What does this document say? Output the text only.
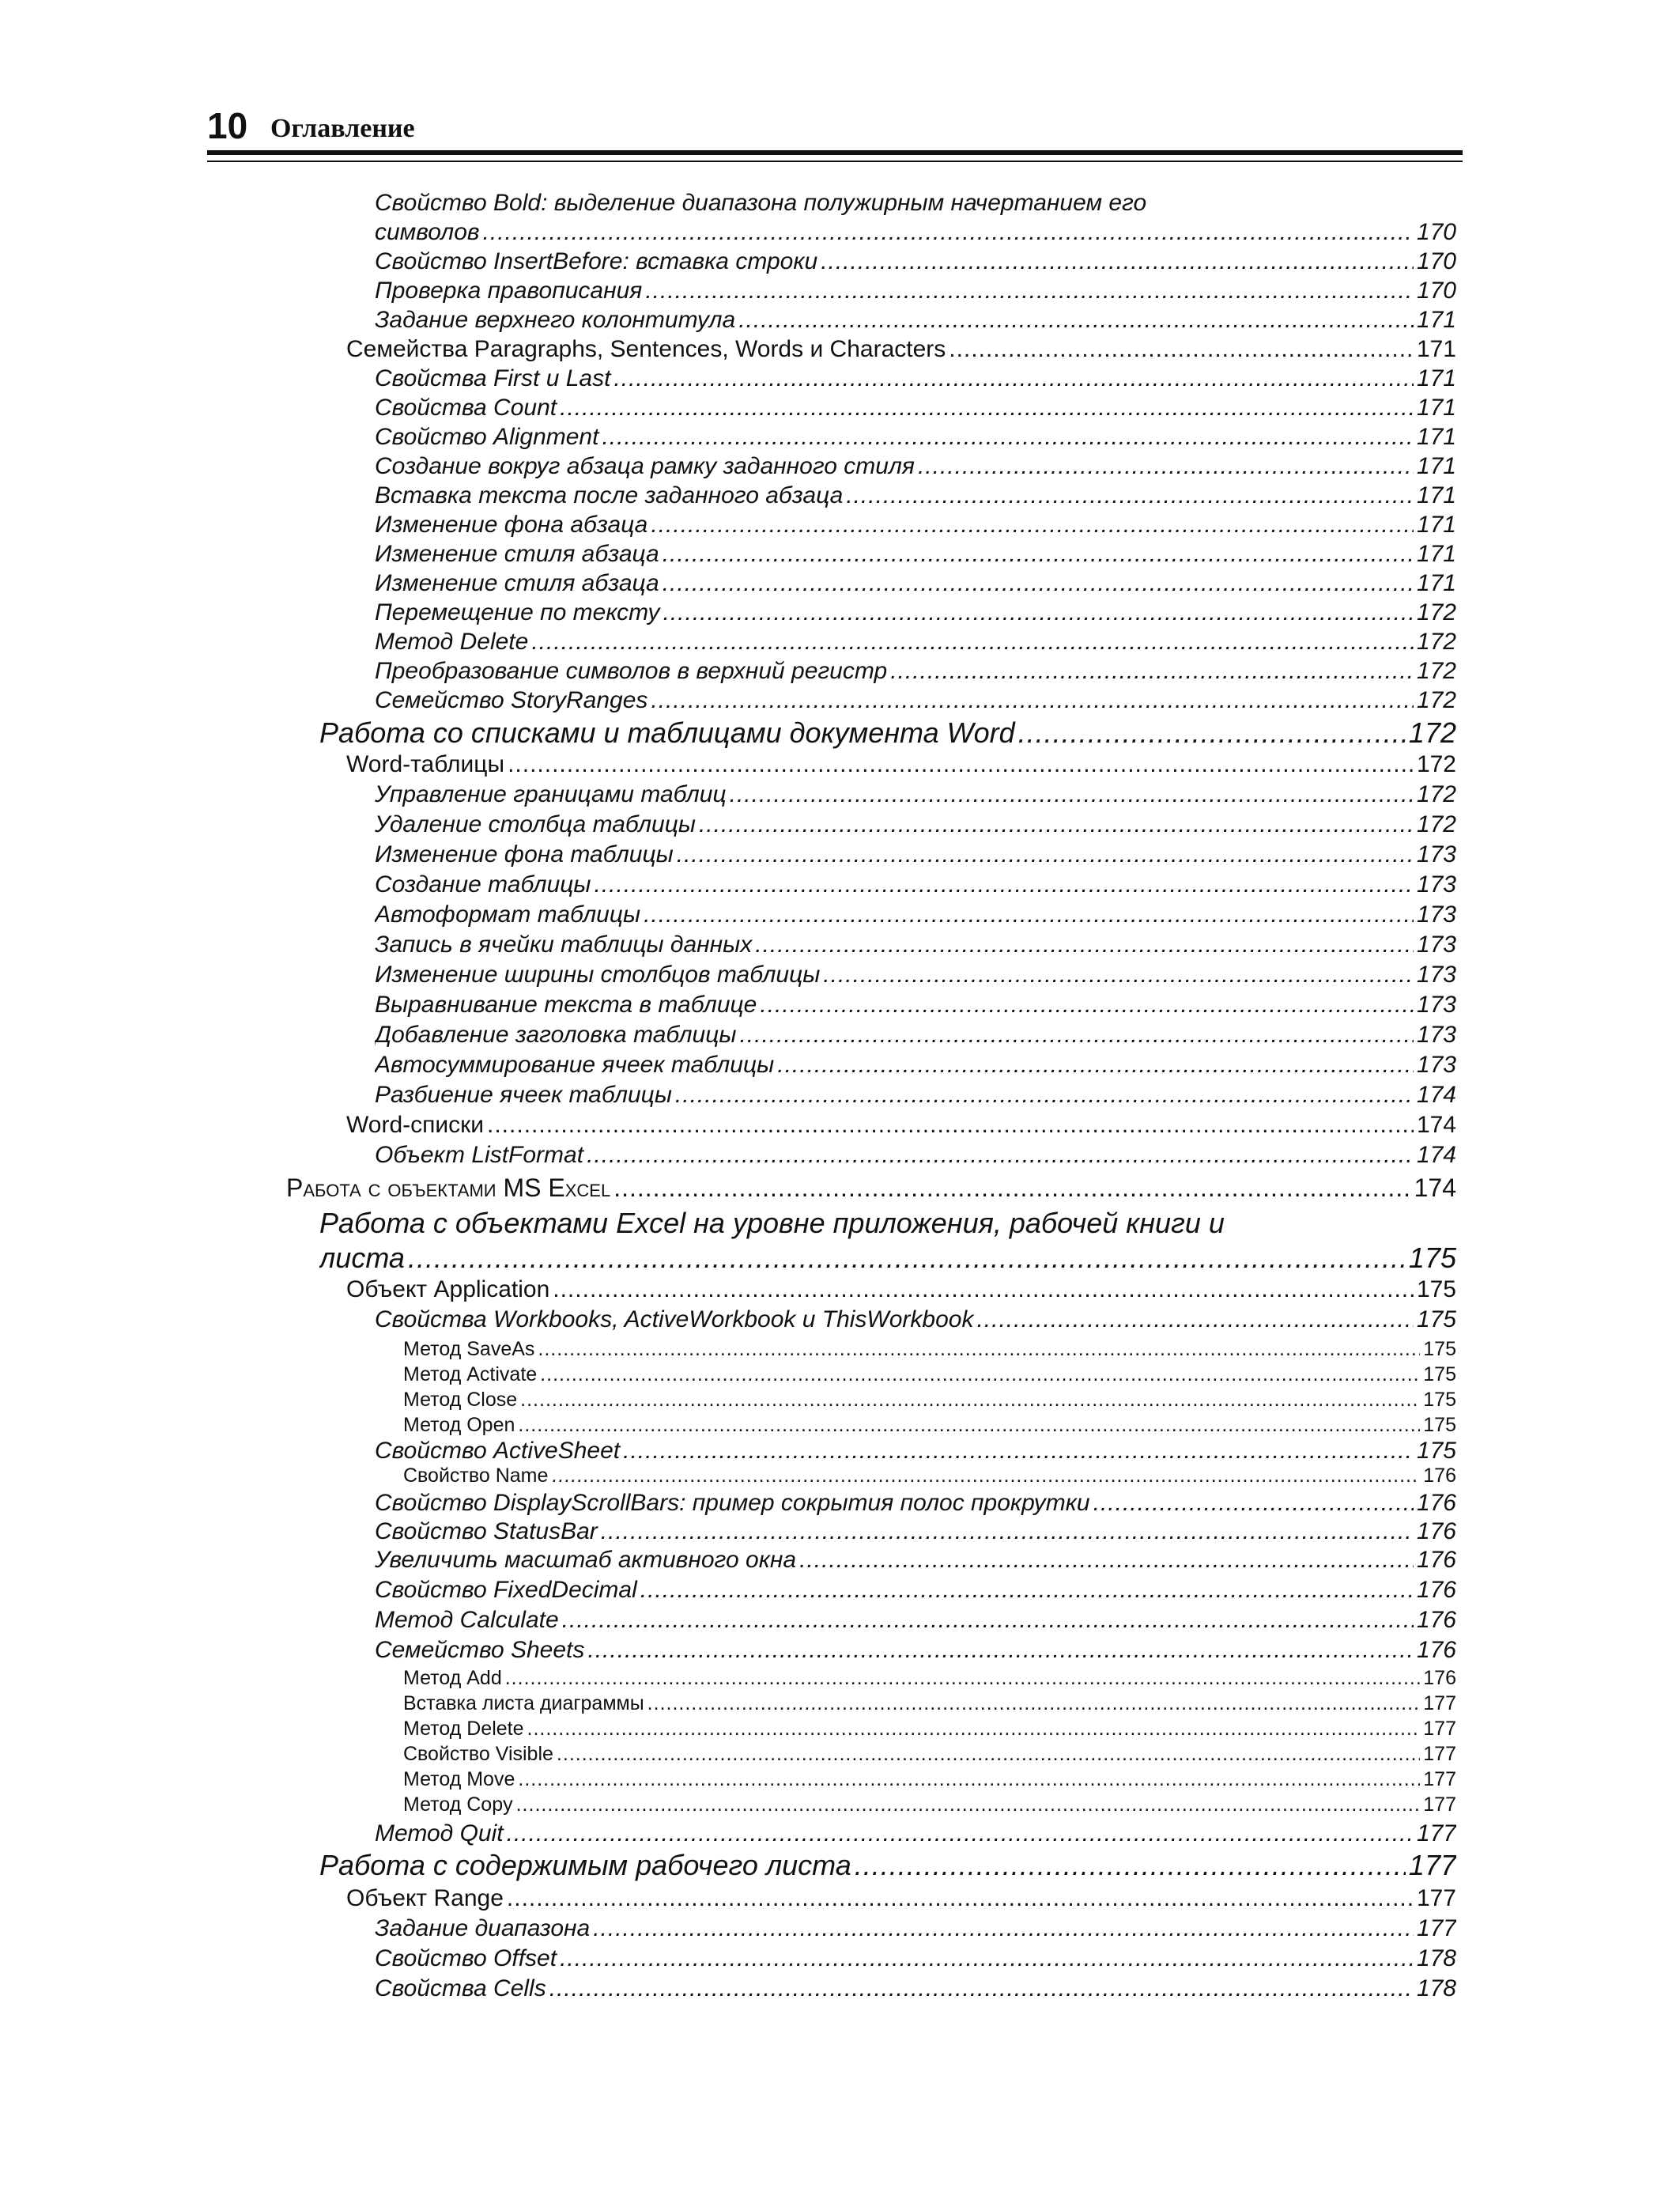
10 Оглавление
Свойство Bold: выделение диапазона полужирным начертанием его
символов .....	170
Свойство InsertBefore: вставка строки .....	170
Проверка правописания .....	170
Задание верхнего колонтитула .....	171
Семейства Paragraphs, Sentences, Words и Characters .....	171
Свойства First и Last .....	171
Свойства Count .....	171
Свойство Alignment .....	171
Создание вокруг абзаца рамку заданного стиля .....	171
Вставка текста после заданного абзаца .....	171
Изменение фона абзаца .....	171
Изменение стиля абзаца .....	171
Изменение стиля абзаца .....	171
Перемещение по тексту .....	172
Метод Delete .....	172
Преобразование символов в верхний регистр .....	172
Семейство StoryRanges .....	172
Работа со списками и таблицами документа Word .....	172
Word-таблицы .....	172
Управление границами таблиц .....	172
Удаление столбца таблицы .....	172
Изменение фона таблицы .....	173
Создание таблицы .....	173
Автоформат таблицы .....	173
Запись в ячейки таблицы данных .....	173
Изменение ширины столбцов таблицы .....	173
Выравнивание текста в таблице .....	173
Добавление заголовка таблицы .....	173
Автосуммирование ячеек таблицы .....	173
Разбиение ячеек таблицы .....	174
Word-списки .....	174
Объект ListFormat .....	174
Работа с объектами MS Excel .....	174
Работа с объектами Excel на уровне приложения, рабочей книги и
листа .....	175
Объект Application .....	175
Свойства Workbooks, ActiveWorkbook и ThisWorkbook .....	175
Метод SaveAs .....	175
Метод Activate .....	175
Метод Close .....	175
Метод Open .....	175
Свойство ActiveSheet .....	175
Свойство Name .....	176
Свойство DisplayScrollBars: пример сокрытия полос прокрутки .....	176
Свойство StatusBar .....	176
Увеличить масштаб активного окна .....	176
Свойство FixedDecimal .....	176
Метод Calculate .....	176
Семейство Sheets .....	176
Метод Add .....	176
Вставка листа диаграммы .....	177
Метод Delete .....	177
Свойство Visible .....	177
Метод Move .....	177
Метод Copy .....	177
Метод Quit .....	177
Работа с содержимым рабочего листа .....	177
Объект Range .....	177
Задание диапазона .....	177
Свойство Offset .....	178
Свойства Cells .....	178
